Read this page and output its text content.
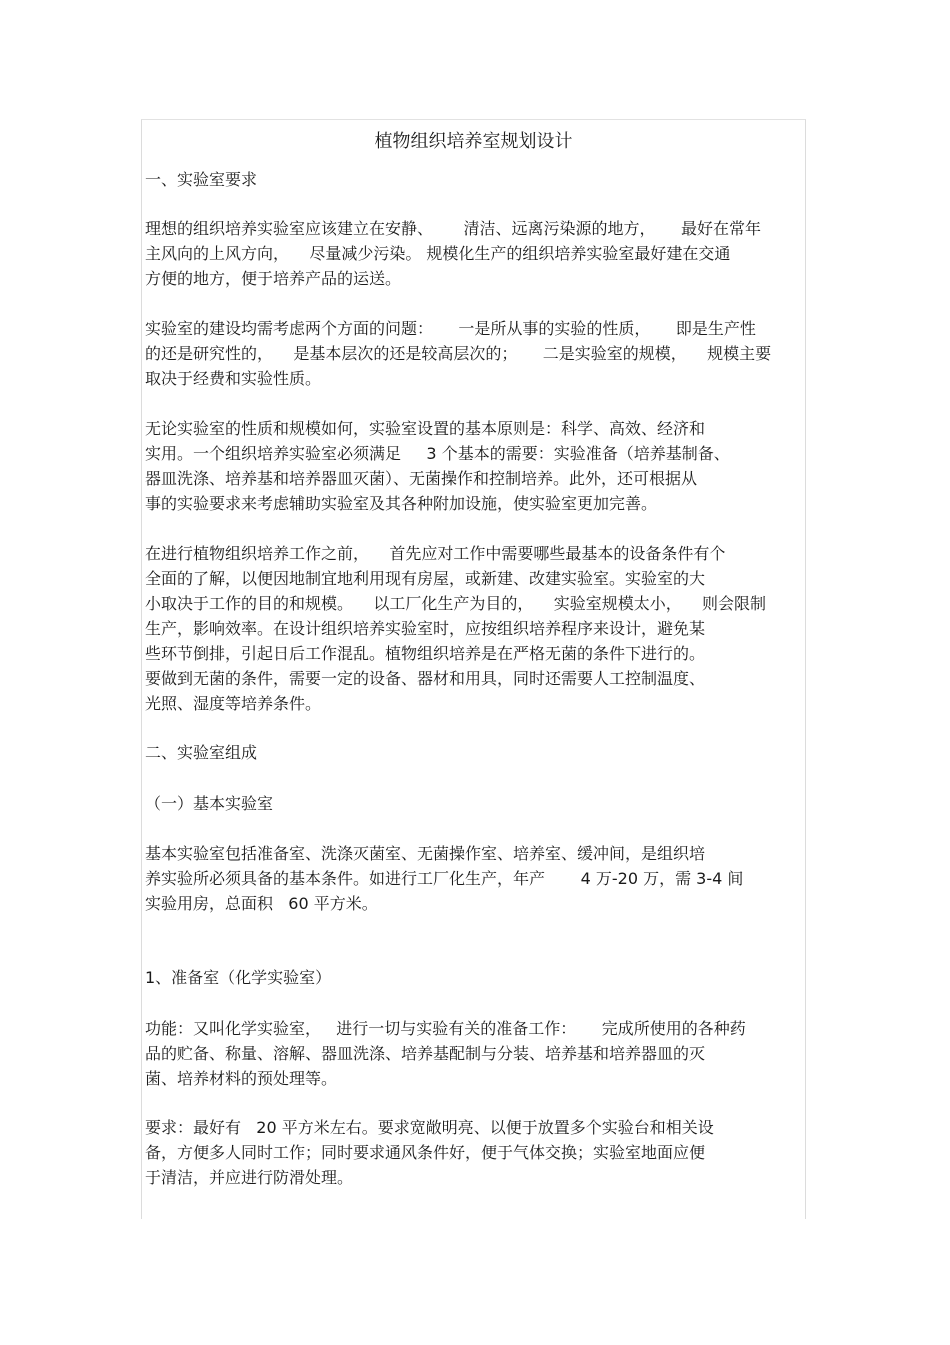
植物组织培养室规划设计
一、实验室要求
理想的组织培养实验室应该建立在安静、      清洁、远离污染源的地方，     最好在常年
主风向的上风方向，    尽量减少污染。 规模化生产的组织培养实验室最好建在交通
方便的地方，便于培养产品的运送。
实验室的建设均需考虑两个方面的问题：     一是所从事的实验的性质，     即是生产性
的还是研究性的，    是基本层次的还是较高层次的；     二是实验室的规模，    规模主要
取决于经费和实验性质。
无论实验室的性质和规模如何，实验室设置的基本原则是：科学、高效、经济和
实用。一个组织培养实验室必须满足     3 个基本的需要：实验准备（培养基制备、
器皿洗涤、培养基和培养器皿灭菌）、无菌操作和控制培养。此外，还可根据从
事的实验要求来考虑辅助实验室及其各种附加设施，使实验室更加完善。
在进行植物组织培养工作之前，    首先应对工作中需要哪些最基本的设备条件有个
全面的了解，以便因地制宜地利用现有房屋，或新建、改建实验室。实验室的大
小取决于工作的目的和规模。    以工厂化生产为目的，    实验室规模太小，    则会限制
生产，影响效率。在设计组织培养实验室时，应按组织培养程序来设计，避免某
些环节倒排，引起日后工作混乱。植物组织培养是在严格无菌的条件下进行的。
要做到无菌的条件，需要一定的设备、器材和用具，同时还需要人工控制温度、
光照、湿度等培养条件。
二、实验室组成
（一）基本实验室
基本实验室包括准备室、洗涤灭菌室、无菌操作室、培养室、缓冲间，是组织培
养实验所必须具备的基本条件。如进行工厂化生产，年产       4 万-20 万，需 3-4 间
实验用房，总面积   60 平方米。
1、准备室（化学实验室）
功能：又叫化学实验室，   进行一切与实验有关的准备工作：     完成所使用的各种药
品的贮备、称量、溶解、器皿洗涤、培养基配制与分装、培养基和培养器皿的灭
菌、培养材料的预处理等。
要求：最好有   20 平方米左右。要求宽敞明亮、以便于放置多个实验台和相关设
备，方便多人同时工作；同时要求通风条件好，便于气体交换；实验室地面应便
于清洁，并应进行防滑处理。
